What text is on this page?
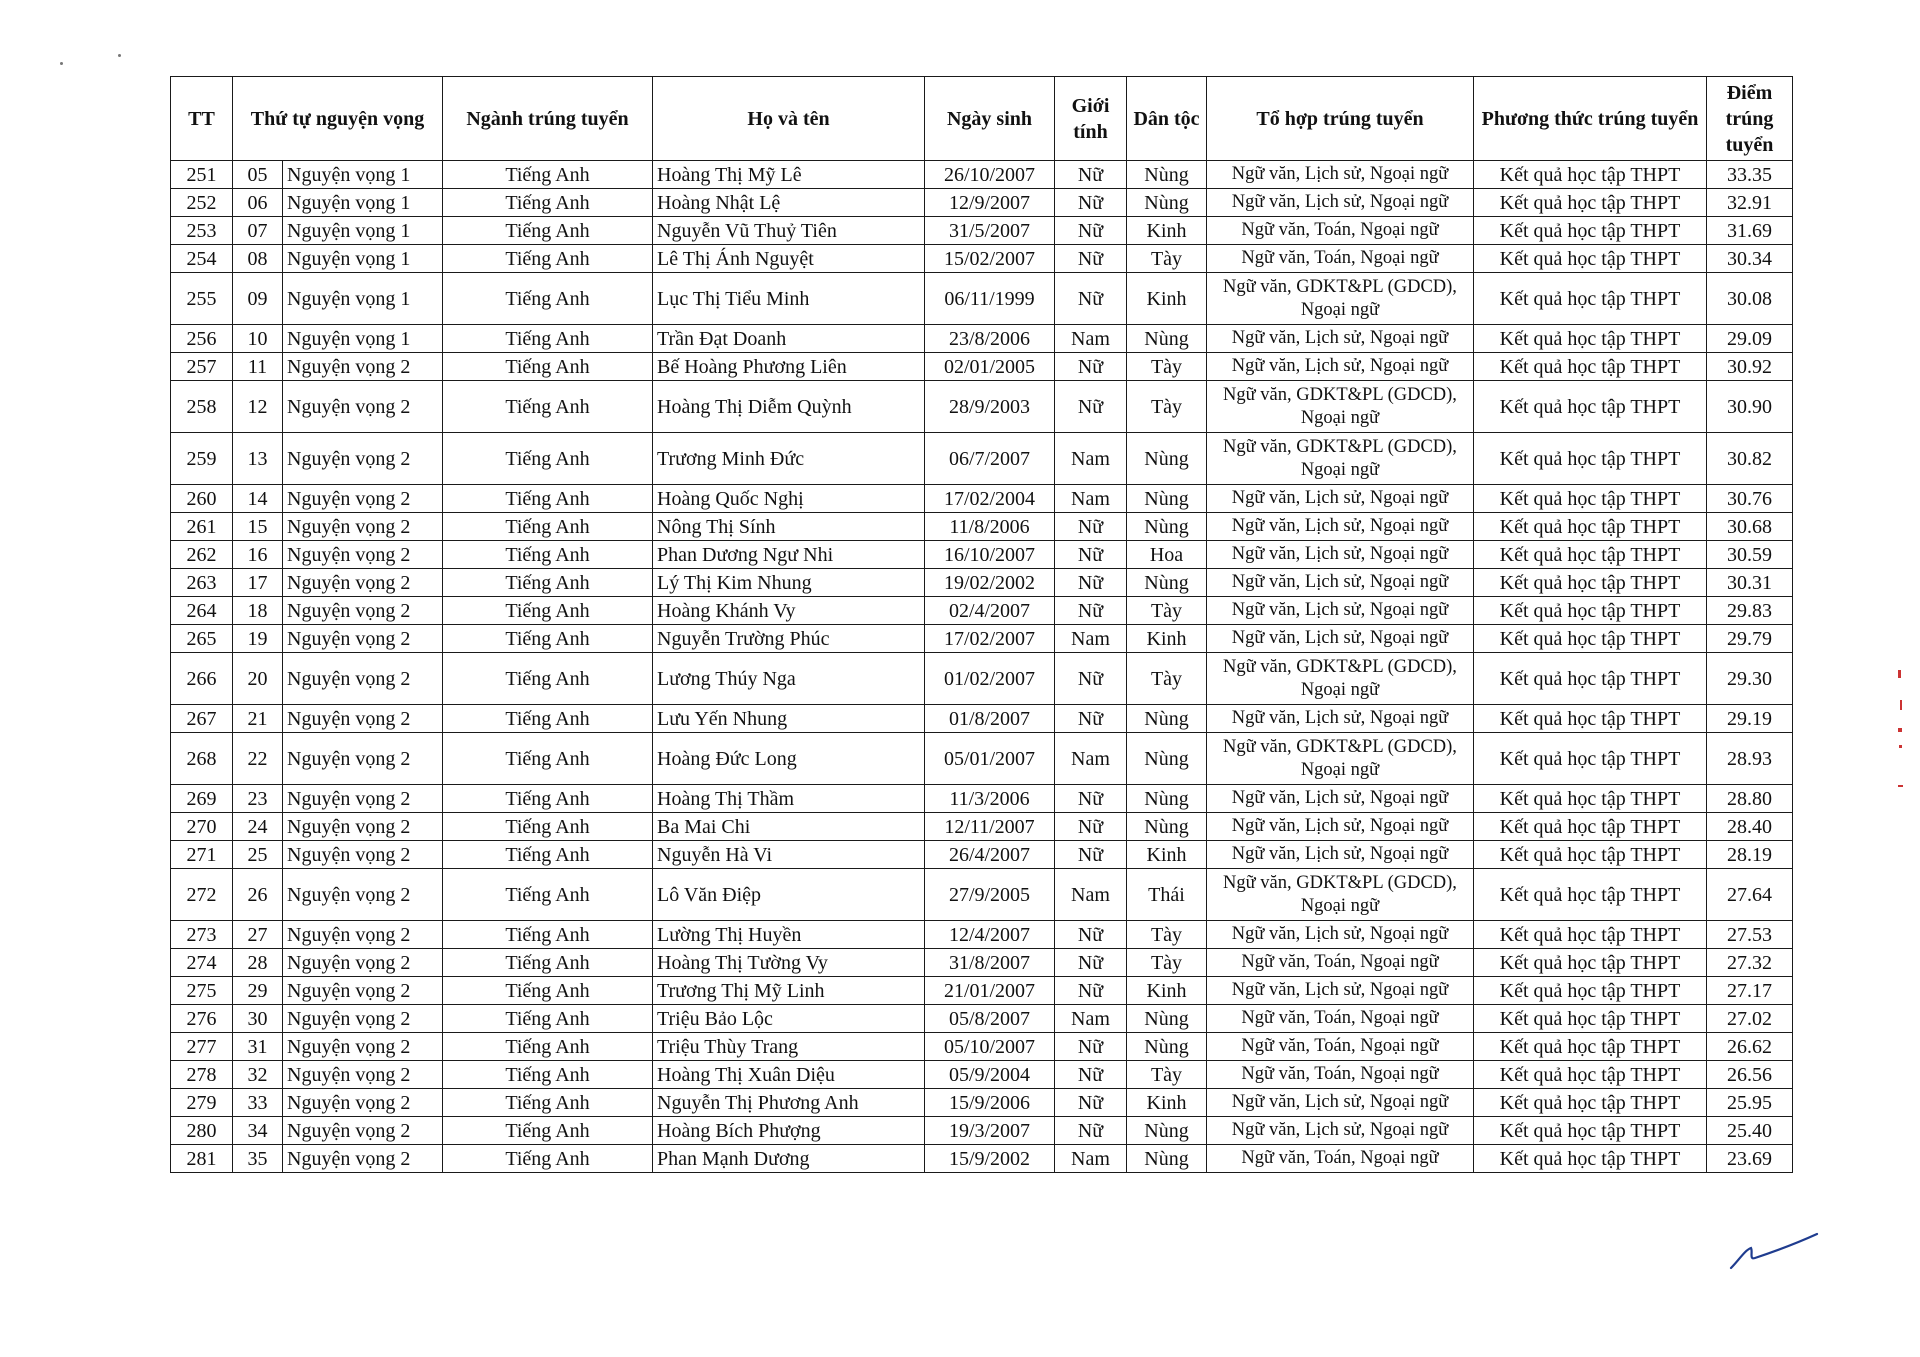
TT	Thứ tự nguyện vọng		Ngành trúng tuyển	Họ và tên	Ngày sinh	Giới tính	Dân tộc	Tổ hợp trúng tuyển	Phương thức trúng tuyển	Điểm trúng tuyển
251	05	Nguyện vọng 1	Tiếng Anh	Hoàng Thị Mỹ Lê	26/10/2007	Nữ	Nùng	Ngữ văn, Lịch sử, Ngoại ngữ	Kết quả học tập THPT	33.35
252	06	Nguyện vọng 1	Tiếng Anh	Hoàng Nhật Lệ	12/9/2007	Nữ	Nùng	Ngữ văn, Lịch sử, Ngoại ngữ	Kết quả học tập THPT	32.91
253	07	Nguyện vọng 1	Tiếng Anh	Nguyễn Vũ Thuỷ Tiên	31/5/2007	Nữ	Kinh	Ngữ văn, Toán, Ngoại ngữ	Kết quả học tập THPT	31.69
254	08	Nguyện vọng 1	Tiếng Anh	Lê Thị Ánh Nguyệt	15/02/2007	Nữ	Tày	Ngữ văn, Toán, Ngoại ngữ	Kết quả học tập THPT	30.34
255	09	Nguyện vọng 1	Tiếng Anh	Lục Thị Tiểu Minh	06/11/1999	Nữ	Kinh	Ngữ văn, GDKT&PL (GDCD), Ngoại ngữ	Kết quả học tập THPT	30.08
256	10	Nguyện vọng 1	Tiếng Anh	Trần Đạt Doanh	23/8/2006	Nam	Nùng	Ngữ văn, Lịch sử, Ngoại ngữ	Kết quả học tập THPT	29.09
257	11	Nguyện vọng 2	Tiếng Anh	Bế Hoàng Phương Liên	02/01/2005	Nữ	Tày	Ngữ văn, Lịch sử, Ngoại ngữ	Kết quả học tập THPT	30.92
258	12	Nguyện vọng 2	Tiếng Anh	Hoàng Thị Diễm Quỳnh	28/9/2003	Nữ	Tày	Ngữ văn, GDKT&PL (GDCD), Ngoại ngữ	Kết quả học tập THPT	30.90
259	13	Nguyện vọng 2	Tiếng Anh	Trương Minh Đức	06/7/2007	Nam	Nùng	Ngữ văn, GDKT&PL (GDCD), Ngoại ngữ	Kết quả học tập THPT	30.82
260	14	Nguyện vọng 2	Tiếng Anh	Hoàng Quốc Nghị	17/02/2004	Nam	Nùng	Ngữ văn, Lịch sử, Ngoại ngữ	Kết quả học tập THPT	30.76
261	15	Nguyện vọng 2	Tiếng Anh	Nông Thị Sính	11/8/2006	Nữ	Nùng	Ngữ văn, Lịch sử, Ngoại ngữ	Kết quả học tập THPT	30.68
262	16	Nguyện vọng 2	Tiếng Anh	Phan Dương Ngư Nhi	16/10/2007	Nữ	Hoa	Ngữ văn, Lịch sử, Ngoại ngữ	Kết quả học tập THPT	30.59
263	17	Nguyện vọng 2	Tiếng Anh	Lý Thị Kim Nhung	19/02/2002	Nữ	Nùng	Ngữ văn, Lịch sử, Ngoại ngữ	Kết quả học tập THPT	30.31
264	18	Nguyện vọng 2	Tiếng Anh	Hoàng Khánh Vy	02/4/2007	Nữ	Tày	Ngữ văn, Lịch sử, Ngoại ngữ	Kết quả học tập THPT	29.83
265	19	Nguyện vọng 2	Tiếng Anh	Nguyễn Trường Phúc	17/02/2007	Nam	Kinh	Ngữ văn, Lịch sử, Ngoại ngữ	Kết quả học tập THPT	29.79
266	20	Nguyện vọng 2	Tiếng Anh	Lương Thúy Nga	01/02/2007	Nữ	Tày	Ngữ văn, GDKT&PL (GDCD), Ngoại ngữ	Kết quả học tập THPT	29.30
267	21	Nguyện vọng 2	Tiếng Anh	Lưu Yến Nhung	01/8/2007	Nữ	Nùng	Ngữ văn, Lịch sử, Ngoại ngữ	Kết quả học tập THPT	29.19
268	22	Nguyện vọng 2	Tiếng Anh	Hoàng Đức Long	05/01/2007	Nam	Nùng	Ngữ văn, GDKT&PL (GDCD), Ngoại ngữ	Kết quả học tập THPT	28.93
269	23	Nguyện vọng 2	Tiếng Anh	Hoàng Thị Thầm	11/3/2006	Nữ	Nùng	Ngữ văn, Lịch sử, Ngoại ngữ	Kết quả học tập THPT	28.80
270	24	Nguyện vọng 2	Tiếng Anh	Ba Mai Chi	12/11/2007	Nữ	Nùng	Ngữ văn, Lịch sử, Ngoại ngữ	Kết quả học tập THPT	28.40
271	25	Nguyện vọng 2	Tiếng Anh	Nguyễn Hà Vi	26/4/2007	Nữ	Kinh	Ngữ văn, Lịch sử, Ngoại ngữ	Kết quả học tập THPT	28.19
272	26	Nguyện vọng 2	Tiếng Anh	Lô Văn Điệp	27/9/2005	Nam	Thái	Ngữ văn, GDKT&PL (GDCD), Ngoại ngữ	Kết quả học tập THPT	27.64
273	27	Nguyện vọng 2	Tiếng Anh	Lường Thị Huyền	12/4/2007	Nữ	Tày	Ngữ văn, Lịch sử, Ngoại ngữ	Kết quả học tập THPT	27.53
274	28	Nguyện vọng 2	Tiếng Anh	Hoàng Thị Tường Vy	31/8/2007	Nữ	Tày	Ngữ văn, Toán, Ngoại ngữ	Kết quả học tập THPT	27.32
275	29	Nguyện vọng 2	Tiếng Anh	Trương Thị Mỹ Linh	21/01/2007	Nữ	Kinh	Ngữ văn, Lịch sử, Ngoại ngữ	Kết quả học tập THPT	27.17
276	30	Nguyện vọng 2	Tiếng Anh	Triệu Bảo Lộc	05/8/2007	Nam	Nùng	Ngữ văn, Toán, Ngoại ngữ	Kết quả học tập THPT	27.02
277	31	Nguyện vọng 2	Tiếng Anh	Triệu Thùy Trang	05/10/2007	Nữ	Nùng	Ngữ văn, Toán, Ngoại ngữ	Kết quả học tập THPT	26.62
278	32	Nguyện vọng 2	Tiếng Anh	Hoàng Thị Xuân Diệu	05/9/2004	Nữ	Tày	Ngữ văn, Toán, Ngoại ngữ	Kết quả học tập THPT	26.56
279	33	Nguyện vọng 2	Tiếng Anh	Nguyễn Thị Phương Anh	15/9/2006	Nữ	Kinh	Ngữ văn, Lịch sử, Ngoại ngữ	Kết quả học tập THPT	25.95
280	34	Nguyện vọng 2	Tiếng Anh	Hoàng Bích Phượng	19/3/2007	Nữ	Nùng	Ngữ văn, Lịch sử, Ngoại ngữ	Kết quả học tập THPT	25.40
281	35	Nguyện vọng 2	Tiếng Anh	Phan Mạnh Dương	15/9/2002	Nam	Nùng	Ngữ văn, Toán, Ngoại ngữ	Kết quả học tập THPT	23.69
